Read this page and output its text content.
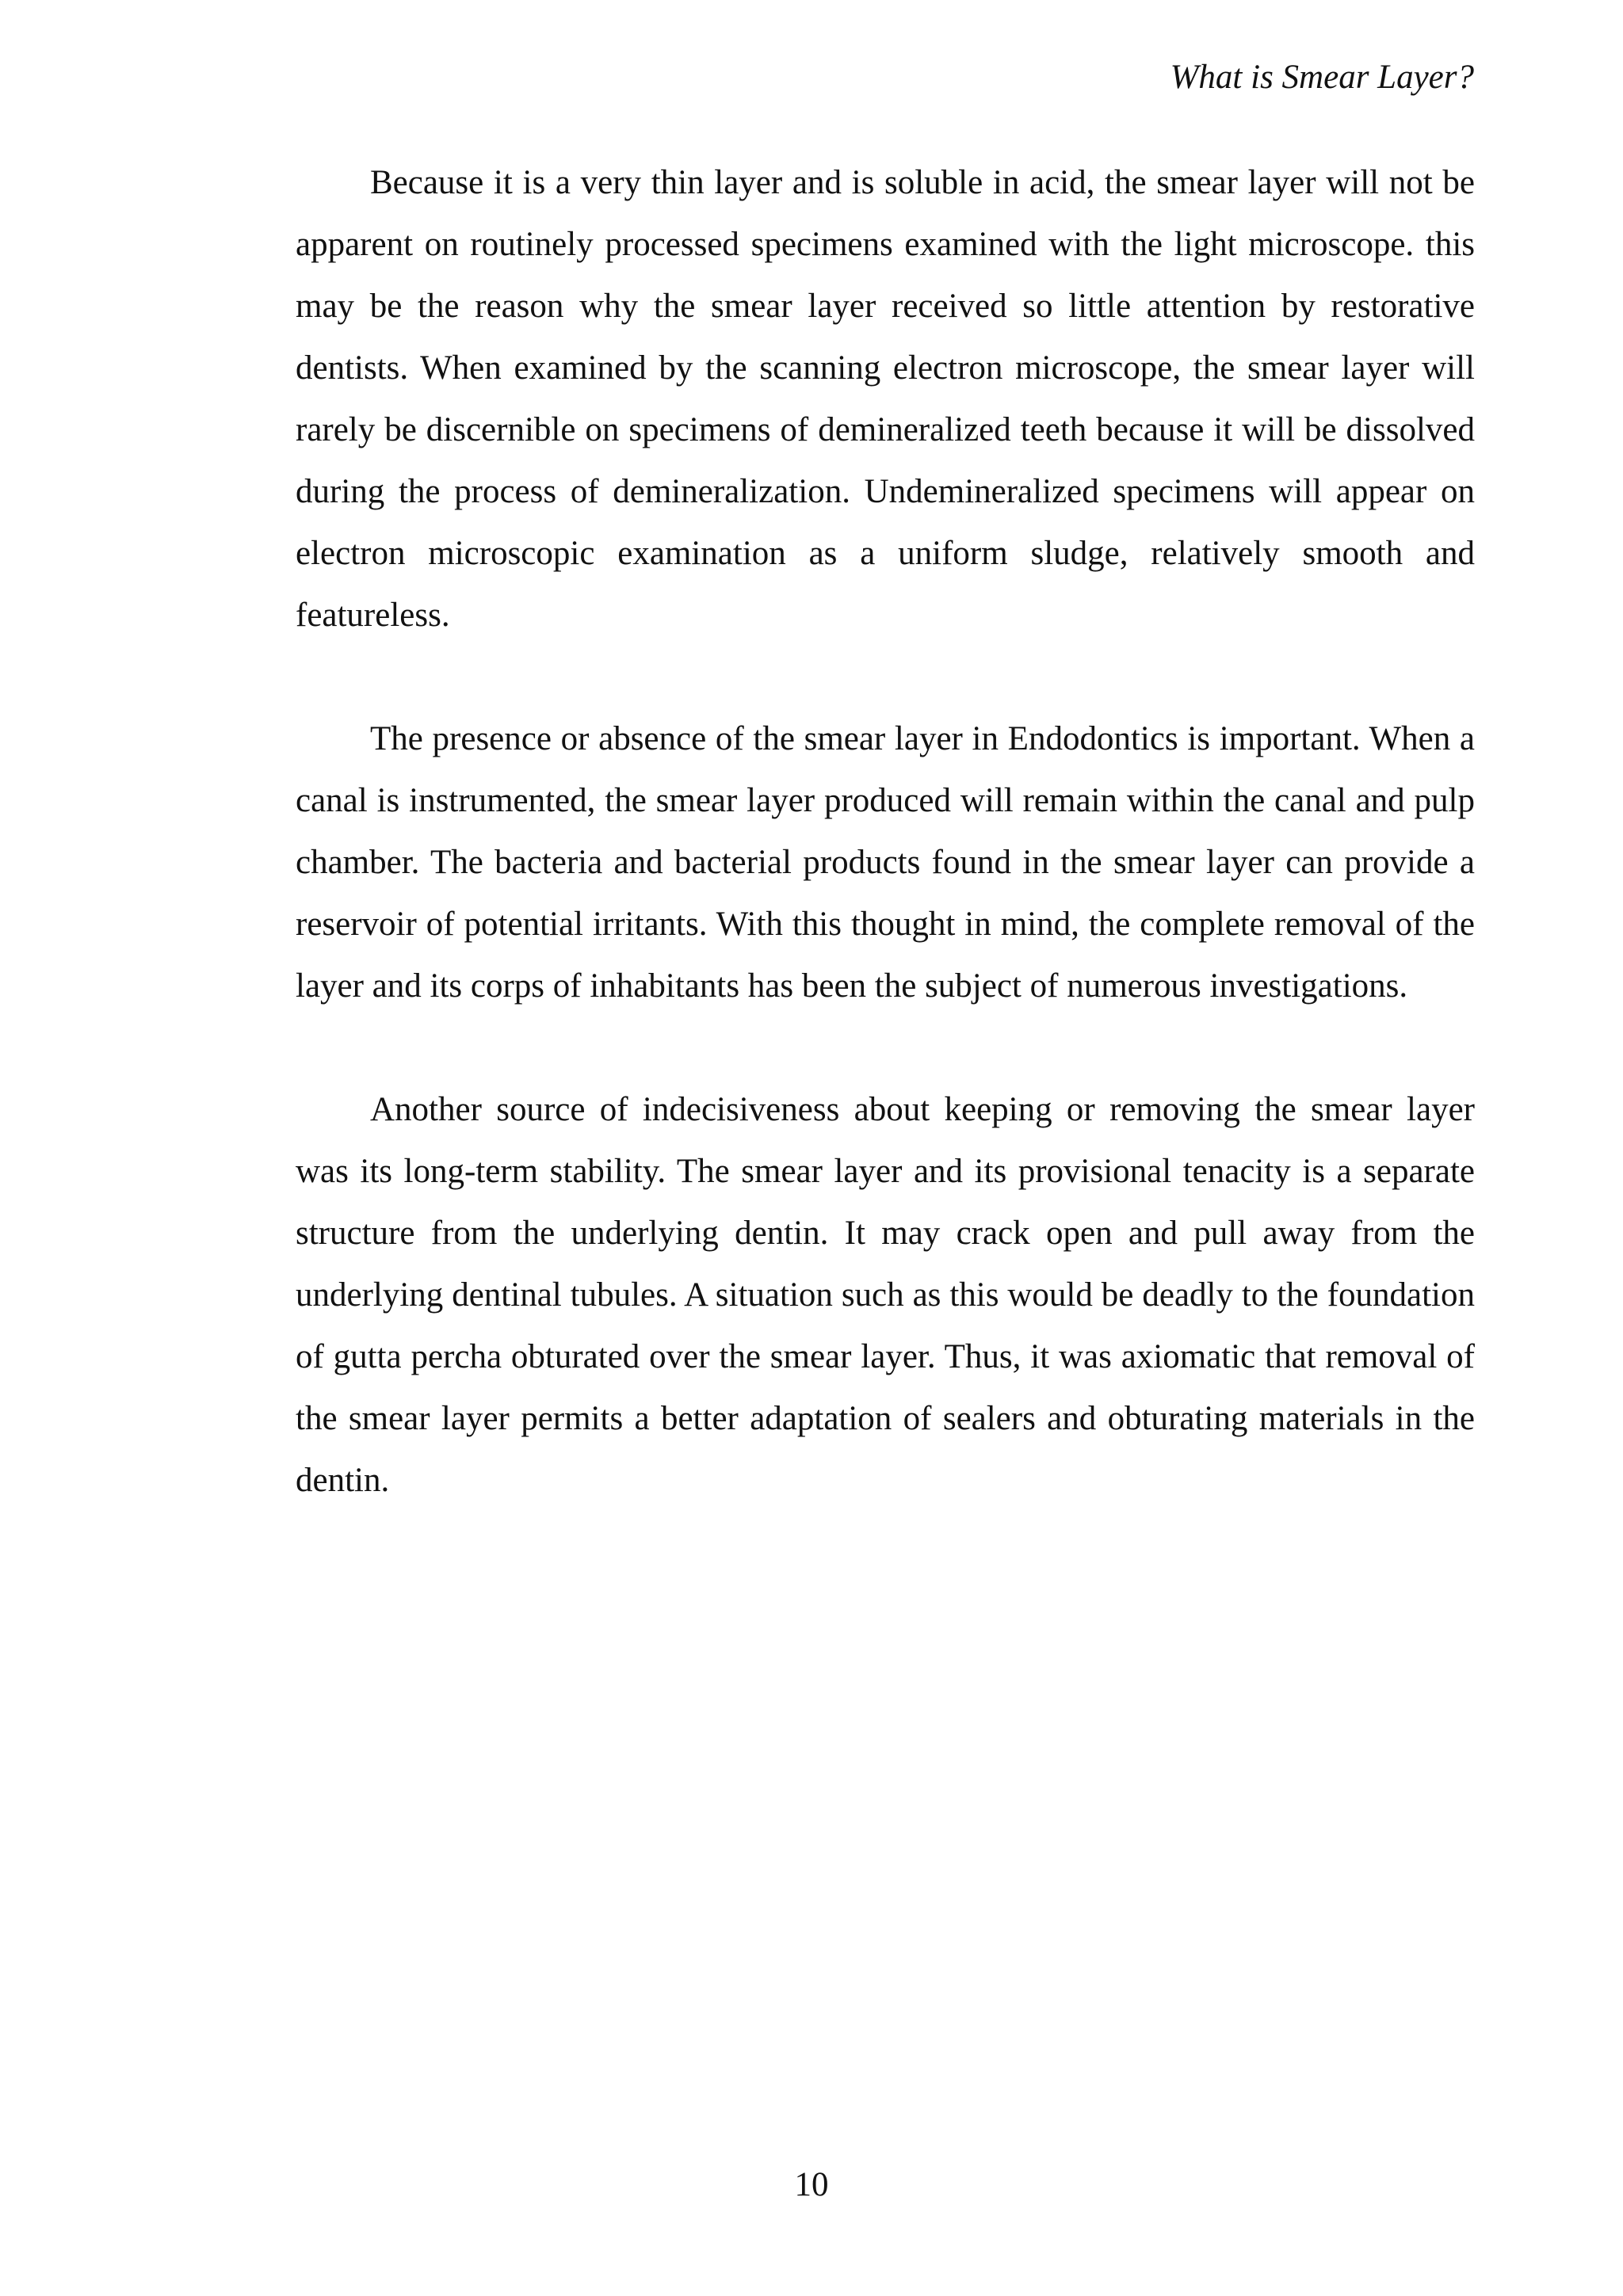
What is Smear Layer?

Because it is a very thin layer and is soluble in acid, the smear layer will not be apparent on routinely processed specimens examined with the light microscope. this may be the reason why the smear layer received so little attention by restorative dentists. When examined by the scanning electron microscope, the smear layer will rarely be discernible on specimens of demineralized teeth because it will be dissolved during the process of demineralization. Undemineralized specimens will appear on electron microscopic examination as a uniform sludge, relatively smooth and featureless.

The presence or absence of the smear layer in Endodontics is important. When a canal is instrumented, the smear layer produced will remain within the canal and pulp chamber. The bacteria and bacterial products found in the smear layer can provide a reservoir of potential irritants. With this thought in mind, the complete removal of the layer and its corps of inhabitants has been the subject of numerous investigations.

Another source of indecisiveness about keeping or removing the smear layer was its long-term stability. The smear layer and its provisional tenacity is a separate structure from the underlying dentin. It may crack open and pull away from the underlying dentinal tubules. A situation such as this would be deadly to the foundation of gutta percha obturated over the smear layer. Thus, it was axiomatic that removal of the smear layer permits a better adaptation of sealers and obturating materials in the dentin.

10
